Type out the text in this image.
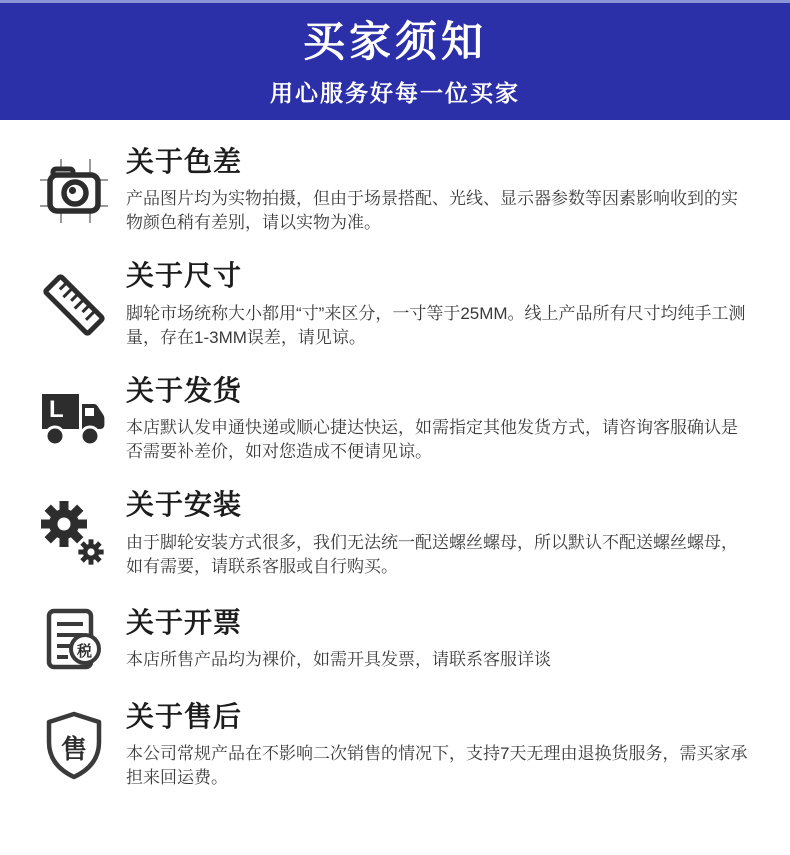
买家须知
用心服务好每一位买家
关于色差
产品图片均为实物拍摄，但由于场景搭配、光线、显示器参数等因素影响收到的实物颜色稍有差别，请以实物为准。
关于尺寸
脚轮市场统称大小都用“寸”来区分，一寸等于25MM。线上产品所有尺寸均纯手工测量，存在1-3MM误差，请见谅。
L
关于发货
本店默认发申通快递或顺心捷达快运，如需指定其他发货方式，请咨询客服确认是否需要补差价，如对您造成不便请见谅。
关于安装
由于脚轮安装方式很多，我们无法统一配送螺丝螺母，所以默认不配送螺丝螺母，如有需要，请联系客服或自行购买。
税
关于开票
本店所售产品均为裸价，如需开具发票，请联系客服详谈
售
关于售后
本公司常规产品在不影响二次销售的情况下，支持7天无理由退换货服务，需买家承担来回运费。
